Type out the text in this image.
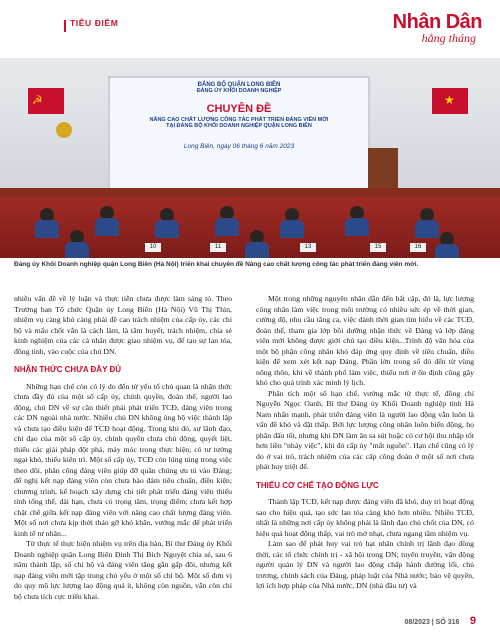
TIÊU ĐIỂM	Nhân Dân
hằng tháng
☭	★
ĐẢNG BỘ QUẬN LONG BIÊN
ĐẢNG ỦY KHỐI DOANH NGHIỆP
CHUYÊN ĐỀ
NÂNG CAO CHẤT LƯỢNG CÔNG TÁC PHÁT TRIỂN ĐẢNG VIÊN MỚI
TẠI ĐẢNG BỘ KHỐI DOANH NGHIỆP QUẬN LONG BIÊN
Long Biên, ngày 06 tháng 6 năm 2023
10	11	13	15	16
Đảng ủy Khối Doanh nghiệp quận Long Biên (Hà Nội) triển khai chuyên đề Nâng cao chất lượng công tác phát triển đảng viên mới.

nhiều vấn đề về lý luận và thực tiễn chưa được làm sáng tỏ. Theo Trưởng ban Tổ chức Quận ủy Long Biên (Hà Nội) Vũ Thị Thìn, nhiệm vụ càng khó càng phải đề cao trách nhiệm của cấp ủy, các chi bộ và mấu chốt vẫn là cách làm, là tâm huyết, trách nhiệm, chia sẻ kinh nghiệm của các cá nhân được giao nhiệm vụ, để tạo sự lan tỏa, đồng tình, vào cuộc của chủ DN.

NHẬN THỨC CHƯA ĐẦY ĐỦ

Những hạn chế còn có lý do đến từ yếu tố chủ quan là nhận thức chưa đầy đủ của một số cấp ủy, chính quyền, đoàn thể, người lao động, chủ DN về sự cần thiết phải phát triển TCĐ, đảng viên trong các DN ngoài nhà nước. Nhiều chủ DN không ủng hộ việc thành lập và chưa tạo điều kiện để TCĐ hoạt động. Trong khi đó, sự lãnh đạo, chỉ đạo của một số cấp ủy, chính quyền chưa chủ động, quyết liệt, thiếu các giải pháp đột phá, máy móc trong thực hiện; có tư tưởng ngại khó, thiếu kiên trì. Một số cấp ủy, TCĐ còn lúng túng trong việc theo dõi, phân công đảng viên giúp đỡ quần chúng ưu tú vào Đảng; để nghị kết nạp đảng viên còn chưa bảo đảm tiêu chuẩn, điều kiện; chương trình, kế hoạch xây dựng chi tiết phát triển đảng viên thiếu tính tổng thể, dài hạn, chưa có trọng tâm, trọng điểm; chưa kết hợp chặt chẽ giữa kết nạp đảng viên với nâng cao chất lượng đảng viên. Một số nơi chưa kịp thời tháo gỡ khó khăn, vướng mắc để phát triển kinh tế tư nhân...

Từ thực tế thực hiện nhiệm vụ trên địa bàn, Bí thư Đảng ủy Khối Doanh nghiệp quận Long Biên Đinh Thị Bích Nguyệt chia sẻ, sau 6 năm thành lập, số chi bộ và đảng viên tăng gần gấp đôi, nhưng kết nạp đảng viên mới tập trung chủ yếu ở một số chi bộ. Một số đơn vị do quy mô lực lượng lao động quá ít, không còn nguồn, vẫn còn chi bộ chưa tích cực triển khai.

Một trong những nguyên nhân dẫn đến bất cập, đó là, lực lượng công nhân làm việc trong môi trường có nhiều sức ép về thời gian, cường độ, nhu cầu tăng ca, việc dành thời gian tìm hiểu về các TCĐ, đoàn thể, tham gia lớp bồi dưỡng nhận thức về Đảng và lớp đảng viên mới không được giới chủ tạo điều kiện...Trình độ văn hóa của một bộ phận công nhân khó đáp ứng quy định về tiêu chuẩn, điều kiện để xem xét kết nạp Đảng. Phần lớn trong số đó đến từ vùng nông thôn, khi về thành phố làm việc, thiếu nơi ở ổn định cũng gây khó cho quá trình xác minh lý lịch.

Phân tích một số hạn chế, vướng mắc từ thực tế, đồng chí Nguyễn Ngọc Oanh, Bí thư Đảng ủy Khối Doanh nghiệp tỉnh Hà Nam nhấn mạnh, phát triển đảng viên là người lao động vẫn luôn là vấn đề khó và đặt thấp. Bởi lực lượng công nhân luôn biến động, họ phân đấu tốt, nhưng khi DN làm ăn sa sút hoặc có cơ hội thu nhập tốt hơn liền "nhảy việc", khi đó cấp ủy "mất nguồn". Hạn chế cũng có lý do ở vai trò, trách nhiệm của các cấp công đoàn ở một số nơi chưa phát huy triệt để.

THIẾU CƠ CHẾ TẠO ĐỘNG LỰC

Thành lập TCĐ, kết nạp được đảng viên đã khó, duy trì hoạt động sao cho hiệu quả, tạo sức lan tỏa càng khó hơn nhiều. Nhiều TCĐ, nhất là những nơi cấp ủy không phải là lãnh đạo chủ chốt của DN, có hiệu quả hoạt động thấp, vai trò mờ nhạt, chưa ngang tầm nhiệm vụ.

Làm sao để phát huy vai trò hạt nhân chính trị lãnh đạo đồng thời, các tổ chức chính trị - xã hội trong DN; tuyên truyền, vận động người quản lý DN và người lao động chấp hành đường lối, chủ trương, chính sách của Đảng, pháp luật của Nhà nước; bảo vệ quyền, lợi ích hợp pháp của Nhà nước, DN (nhà đầu tư) và

08/2023 | SỐ 316 9
